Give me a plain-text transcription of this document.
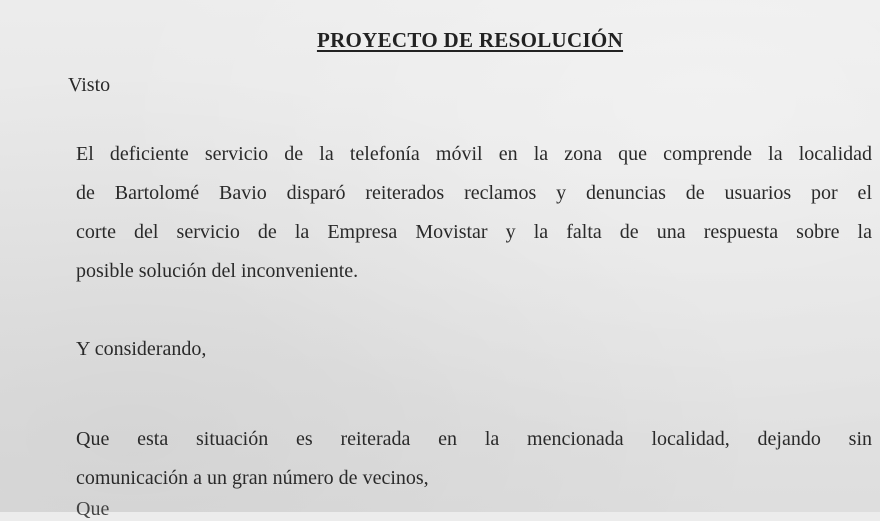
PROYECTO DE RESOLUCIÓN
Visto
El deficiente servicio de la telefonía móvil en la zona que comprende la localidad
de Bartolomé Bavio disparó reiterados reclamos y denuncias de usuarios por el
corte del servicio de la Empresa Movistar y la falta de una respuesta sobre la
posible solución del inconveniente.
Y considerando,
Que esta situación es reiterada en la mencionada localidad, dejando sin
comunicación a un gran número de vecinos,
Que
